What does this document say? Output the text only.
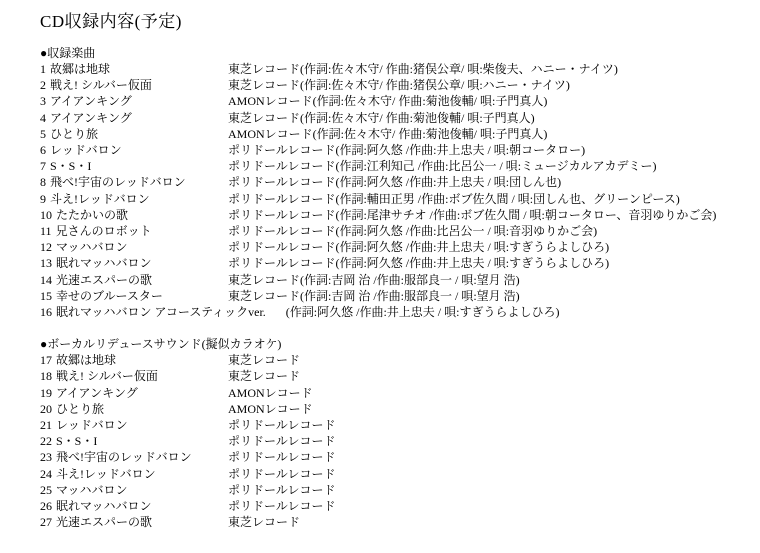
CD収録内容(予定)
●収録楽曲
1 故郷は地球	東芝レコード(作詞:佐々木守/ 作曲:猪俣公章/ 唄:柴俊夫、ハニー・ナイツ)
2 戦え! シルバー仮面	東芝レコード(作詞:佐々木守/ 作曲:猪俣公章/ 唄:ハニー・ナイツ)
3 アイアンキング	AMONレコード(作詞:佐々木守/ 作曲:菊池俊輔/ 唄:子門真人)
4 アイアンキング	東芝レコード(作詞:佐々木守/ 作曲:菊池俊輔/ 唄:子門真人)
5 ひとり旅	AMONレコード(作詞:佐々木守/ 作曲:菊池俊輔/ 唄:子門真人)
6 レッドバロン	ポリドールレコード(作詞:阿久悠 /作曲:井上忠夫 / 唄:朝コータロー)
7 S・S・I	ポリドールレコード(作詞:江利知己 /作曲:比呂公一 / 唄:ミュージカルアカデミー)
8 飛べ!宇宙のレッドバロン	ポリドールレコード(作詞:阿久悠 /作曲:井上忠夫 / 唄:団しん也)
9 斗え!レッドバロン	ポリドールレコード(作詞:輔田正男 /作曲:ボブ佐久間 / 唄:団しん也、グリーンピース)
10 たたかいの歌	ポリドールレコード(作詞:尾津サチオ /作曲:ボブ佐久間 / 唄:朝コータロー、音羽ゆりかご会)
11 兄さんのロボット	ポリドールレコード(作詞:阿久悠 /作曲:比呂公一 / 唄:音羽ゆりかご会)
12 マッハバロン	ポリドールレコード(作詞:阿久悠 /作曲:井上忠夫 / 唄:すぎうらよしひろ)
13 眠れマッハバロン	ポリドールレコード(作詞:阿久悠 /作曲:井上忠夫 / 唄:すぎうらよしひろ)
14 光速エスパーの歌	東芝レコード(作詞:吉岡 治 /作曲:服部良一 / 唄:望月 浩)
15 幸せのブルースター	東芝レコード(作詞:吉岡 治 /作曲:服部良一 / 唄:望月 浩)
16 眠れマッハバロン アコースティックver.	(作詞:阿久悠 /作曲:井上忠夫 / 唄:すぎうらよしひろ)
●ボーカルリデュースサウンド(擬似カラオケ)
17 故郷は地球	東芝レコード
18 戦え! シルバー仮面	東芝レコード
19 アイアンキング	AMONレコード
20 ひとり旅	AMONレコード
21 レッドバロン	ポリドールレコード
22 S・S・I	ポリドールレコード
23 飛べ!宇宙のレッドバロン	ポリドールレコード
24 斗え!レッドバロン	ポリドールレコード
25 マッハバロン	ポリドールレコード
26 眠れマッハバロン	ポリドールレコード
27 光速エスパーの歌	東芝レコード
